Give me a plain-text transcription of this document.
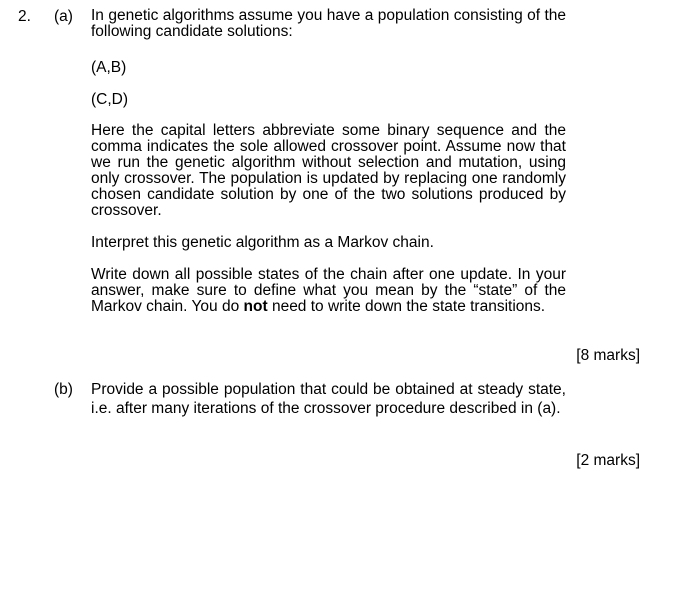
2. (a) In genetic algorithms assume you have a population consisting of the following candidate solutions:
(A,B)
(C,D)
Here the capital letters abbreviate some binary sequence and the comma indicates the sole allowed crossover point. Assume now that we run the genetic algorithm without selection and mutation, using only crossover. The population is updated by replacing one randomly chosen candidate solution by one of the two solutions produced by crossover.
Interpret this genetic algorithm as a Markov chain.
Write down all possible states of the chain after one update. In your answer, make sure to define what you mean by the “state” of the Markov chain. You do not need to write down the state transitions.
[8 marks]
(b) Provide a possible population that could be obtained at steady state, i.e. after many iterations of the crossover procedure described in (a).
[2 marks]
